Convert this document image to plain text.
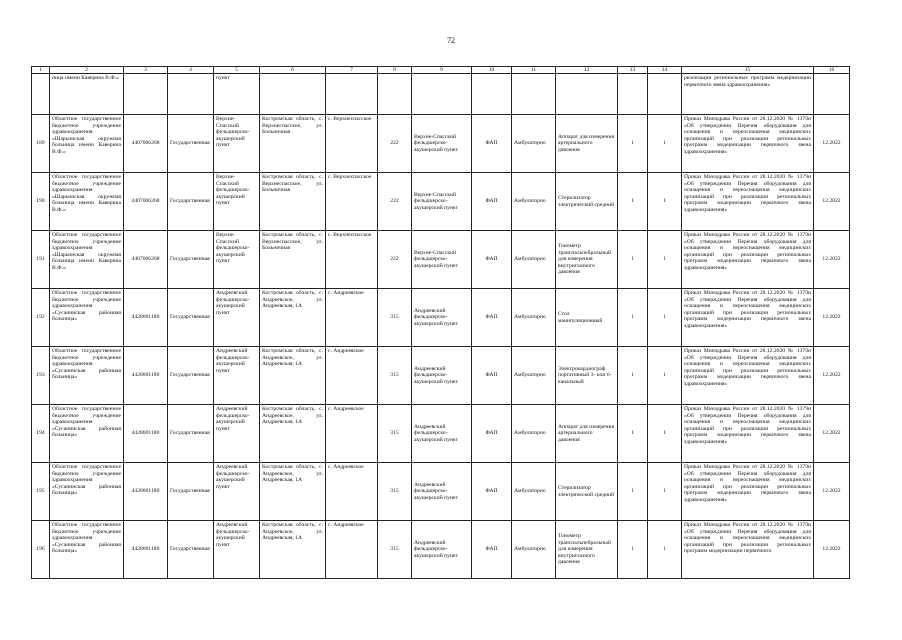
72
1	2	3	4	5	6	7	8	9	10	11	12	13	14	15	16
	ница имени Каверина В.Ф.»			пункт										реализации региональных программ модернизации первичного звена здравоохранения»	
189	Областное государственное бюджетное учреждение здравоохранения «Шарьинская окружная больница имени Каверина В.Ф.»	4407006268	Государственная	Верхне-Спасский фельдшерско-акушерский пункт	Костромская область, с. Верхнеспасское, ул. Больничная	с. Верхнеспасское	222	Верхне-Спасский фельдшерско-акушерский пункт	ФАП	Амбулаторно	Аппарат для измерения артериального давления	1	1	Приказ Минздрава России от 28.12.2020 № 1379н «Об утверждении Перечня оборудования для оснащения и переоснащения медицинских организаций при реализации региональных программ модернизации первичного звена здравоохранения»	12.2022
190	Областное государственное бюджетное учреждение здравоохранения «Шарьинская окружная больница имени Каверина В.Ф.»	4407006268	Государственная	Верхне-Спасский фельдшерско-акушерский пункт	Костромская область, с. Верхнеспасское, ул. Больничная	с. Верхнеспасское	222	Верхне-Спасский фельдшерско-акушерский пункт	ФАП	Амбулаторно	Стерилизатор электрический средний	1	1	Приказ Минздрава России от 28.12.2020 № 1379н «Об утверждении Перечня оборудования для оснащения и переоснащения медицинских организаций при реализации региональных программ модернизации первичного звена здравоохранения»	12.2022
191	Областное государственное бюджетное учреждение здравоохранения «Шарьинская окружная больница имени Каверина В.Ф.»	4407006268	Государственная	Верхне-Спасский фельдшерско-акушерский пункт	Костромская область, с. Верхнеспасское, ул. Больничная	с. Верхнеспасское	222	Верхне-Спасский фельдшерско-акушерский пункт	ФАП	Амбулаторно	Тонометр транспальпебральный для измерения внутриглазного давления	1	1	Приказ Минздрава России от 28.12.2020 № 1379н «Об утверждении Перечня оборудования для оснащения и переоснащения медицинских организаций при реализации региональных программ модернизации первичного звена здравоохранения»	12.2022
192	Областное государственное бюджетное учреждение здравоохранения «Сусанинская районная больница»	4428001180	Государственная	Андреевский фельдшерско-акушерский пункт	Костромская область, с. Андреевское, ул. Андреевская, 1А	с. Андреевское	315	Андреевский фельдшерско-акушерский пункт	ФАП	Амбулаторно	Стол манипуляционный	1	1	Приказ Минздрава России от 28.12.2020 № 1379н «Об утверждении Перечня оборудования для оснащения и переоснащения медицинских организаций при реализации региональных программ модернизации первичного звена здравоохранения»	12.2022
193	Областное государственное бюджетное учреждение здравоохранения «Сусанинская районная больница»	4428001180	Государственная	Андреевский фельдшерско-акушерский пункт	Костромская область, с. Андреевское, ул. Андреевская, 1А	с. Андреевское	315	Андреевский фельдшерско-акушерский пункт	ФАП	Амбулаторно	Электрокардиограф портативный 3- или 6-канальный	1	1	Приказ Минздрава России от 28.12.2020 № 1379н «Об утверждении Перечня оборудования для оснащения и переоснащения медицинских организаций при реализации региональных программ модернизации первичного звена здравоохранения»	12.2022
194	Областное государственное бюджетное учреждение здравоохранения «Сусанинская районная больница»	4428001180	Государственная	Андреевский фельдшерско-акушерский пункт	Костромская область, с. Андреевское, ул. Андреевская, 1А	с. Андреевское	315	Андреевский фельдшерско-акушерский пункт	ФАП	Амбулаторно	Аппарат для измерения артериального давления	1	1	Приказ Минздрава России от 28.12.2020 № 1379н «Об утверждении Перечня оборудования для оснащения и переоснащения медицинских организаций при реализации региональных программ модернизации первичного звена здравоохранения»	12.2022
195	Областное государственное бюджетное учреждение здравоохранения «Сусанинская районная больница»	4428001180	Государственная	Андреевский фельдшерско-акушерский пункт	Костромская область, с. Андреевское, ул. Андреевская, 1А	с. Андреевское	315	Андреевский фельдшерско-акушерский пункт	ФАП	Амбулаторно	Стерилизатор электрический средний	1	1	Приказ Минздрава России от 28.12.2020 № 1379н «Об утверждении Перечня оборудования для оснащения и переоснащения медицинских организаций при реализации региональных программ модернизации первичного звена здравоохранения»	12.2022
196	Областное государственное бюджетное учреждение здравоохранения «Сусанинская районная больница»	4428001180	Государственная	Андреевский фельдшерско-акушерский пункт	Костромская область, с. Андреевское, ул. Андреевская, 1А	с. Андреевское	315	Андреевский фельдшерско-акушерский пункт	ФАП	Амбулаторно	Тонометр транспальпебральный для измерения внутриглазного давления	1	1	Приказ Минздрава России от 28.12.2020 № 1379н «Об утверждении Перечня оборудования для оснащения и переоснащения медицинских организаций при реализации региональных программ модернизации первичного	12.2022
